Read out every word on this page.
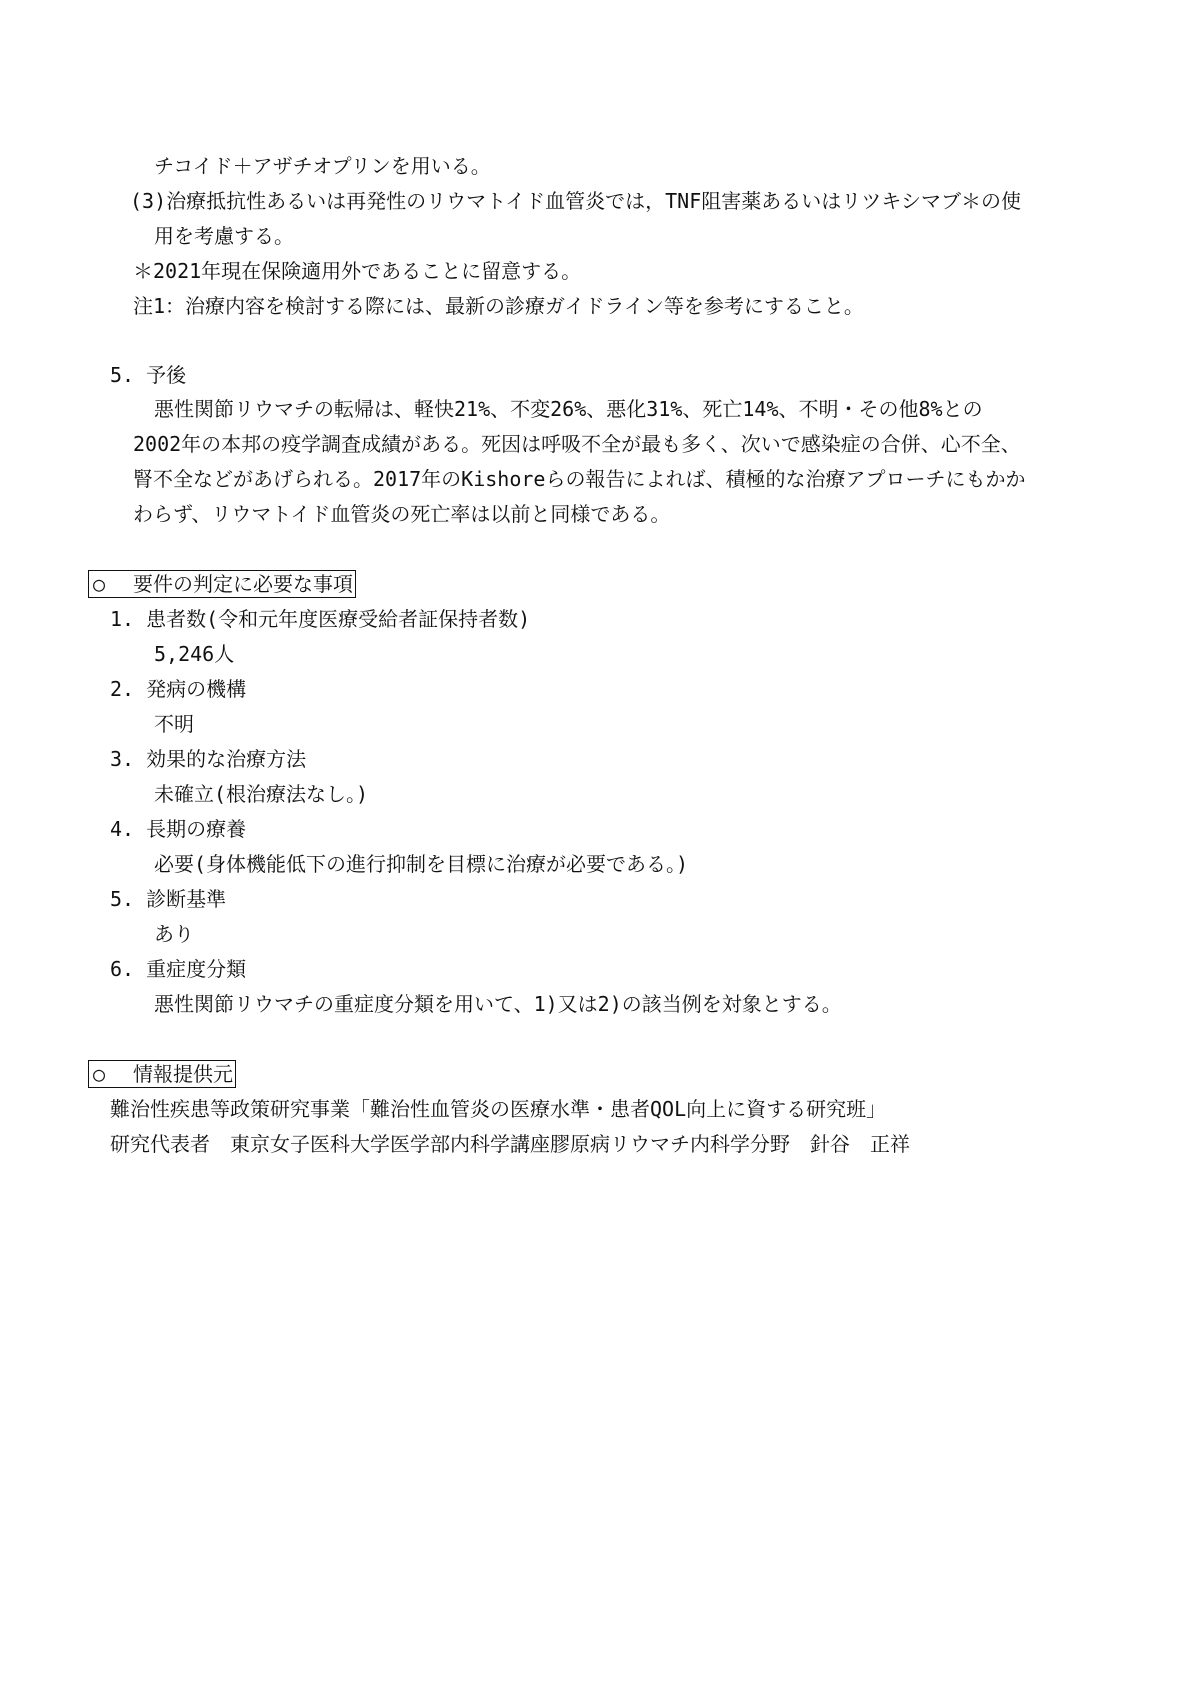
チコイド＋アザチオプリンを用いる。
(3)治療抵抗性あるいは再発性のリウマトイド血管炎では，TNF阻害薬あるいはリツキシマブ＊の使
用を考慮する。
＊2021年現在保険適用外であることに留意する。
注1：治療内容を検討する際には、最新の診療ガイドライン等を参考にすること。
5. 予後
悪性関節リウマチの転帰は、軽快21%、不変26%、悪化31%、死亡14%、不明・その他8%との
2002年の本邦の疫学調査成績がある。死因は呼吸不全が最も多く、次いで感染症の合併、心不全、
腎不全などがあげられる。2017年のKishoreらの報告によれば、積極的な治療アプローチにもかか
わらず、リウマトイド血管炎の死亡率は以前と同様である。
○ 要件の判定に必要な事項
1. 患者数(令和元年度医療受給者証保持者数)
5,246人
2. 発病の機構
不明
3. 効果的な治療方法
未確立(根治療法なし。)
4. 長期の療養
必要(身体機能低下の進行抑制を目標に治療が必要である。)
5. 診断基準
あり
6. 重症度分類
悪性関節リウマチの重症度分類を用いて、1)又は2)の該当例を対象とする。
○ 情報提供元
難治性疾患等政策研究事業「難治性血管炎の医療水準・患者QOL向上に資する研究班」
研究代表者　東京女子医科大学医学部内科学講座膠原病リウマチ内科学分野　針谷　正祥
